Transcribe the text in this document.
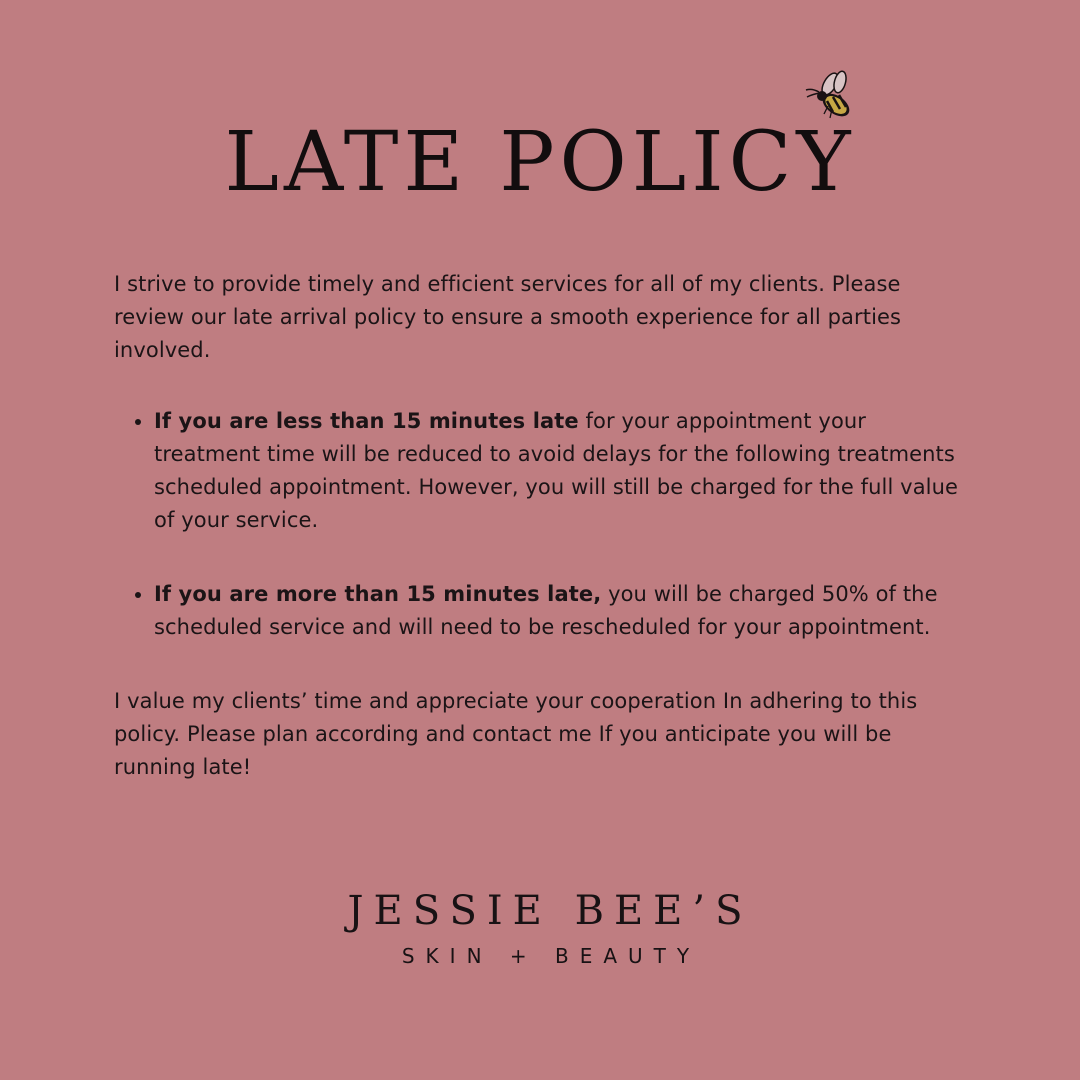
LATE POLICY

I strive to provide timely and efficient services for all of my clients. Please review our late arrival policy to ensure a smooth experience for all parties involved.

• If you are less than 15 minutes late for your appointment your treatment time will be reduced to avoid delays for the following treatments scheduled appointment. However, you will still be charged for the full value of your service.
• If you are more than 15 minutes late, you will be charged 50% of the scheduled service and will need to be rescheduled for your appointment.

I value my clients’ time and appreciate your cooperation In adhering to this policy. Please plan according and contact me If you anticipate you will be running late!

JESSIE BEE’S
SKIN + BEAUTY
